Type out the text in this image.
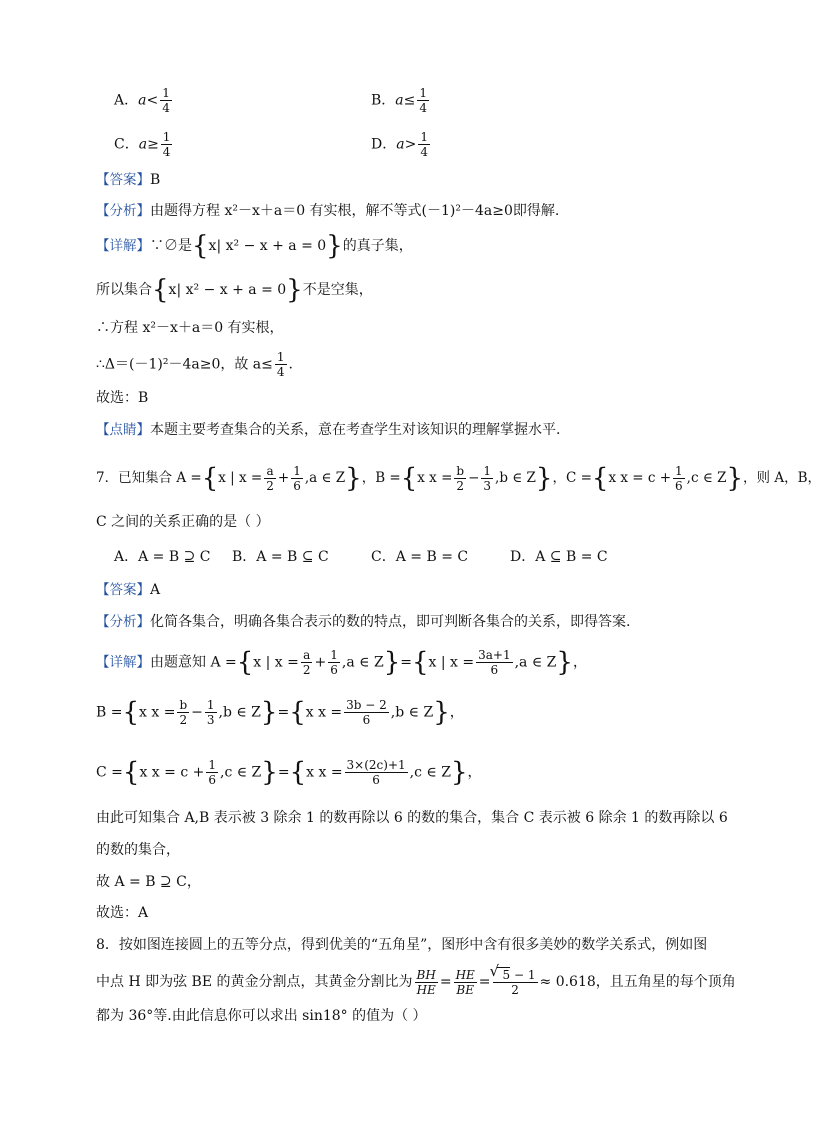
A．$a< \frac{1}{4}$	B．$a\le \frac{1}{4}$
C．$a\ge \frac{1}{4}$	D．$a> \frac{1}{4}$
【答案】B
【分析】由题得方程 x²－x＋a＝0 有实根，解不等式(－1)²－4a≥0即得解.
【详解】∵∅是{x| x² − x + a = 0}的真子集，
所以集合{x| x² − x + a = 0}不是空集，
∴方程 x²－x＋a＝0 有实根，
∴Δ＝(－1)²－4a≥0，故 $a\le \frac{1}{4}$ .
故选：B
【点睛】本题主要考查集合的关系，意在考查学生对该知识的理解掌握水平.
7．已知集合 A ={x | $x = \frac{a}{2} + \frac{1}{6} ,a$ ∈ Z}，B ={x $x = \frac{b}{2} - \frac{1}{3} ,b$ ∈ Z}，C ={x $x = c + \frac{1}{6} ,c$ ∈ Z}，则 A，B，
C 之间的关系正确的是（ ）
A．A = B ⊇ C B．A = B ⊆ C	C．A = B = C	D．A ⊆ B = C
【答案】A
【分析】化简各集合，明确各集合表示的数的特点，即可判断各集合的关系，即得答案.
【详解】由题意知 A ={x | $x = \frac{a}{2} + \frac{1}{6} ,a$ ∈ Z}={x | $x = \frac{3a+1}{6} ,a$ ∈ Z}，
B ={x $x = \frac{b}{2} - \frac{1}{3} ,b$ ∈ Z}={x $x = \frac{3b - 2}{6} ,b$ ∈ Z}，
C ={x $x = c + \frac{1}{6} ,c$ ∈ Z}={x $x = \frac{3\times(2c)+1}{6} ,c$ ∈ Z}，
由此可知集合 A,B 表示被 3 除余 1 的数再除以 6 的数的集合，集合 C 表示被 6 除余 1 的数再除以 6
的数的集合，
故 A = B ⊇ C，
故选：A
8．按如图连接圆上的五等分点，得到优美的“五角星”，图形中含有很多美妙的数学关系式，例如图
中点 H 即为弦 BE 的黄金分割点，其黄金分割比为 $\frac{BH}{HE} = \frac{HE}{BE}$ =
√ $\frac{5 - 1}{2} \approx 0.618$，且五角星的每个顶角
都为 36°等.由此信息你可以求出 sin18° 的值为（ ）
